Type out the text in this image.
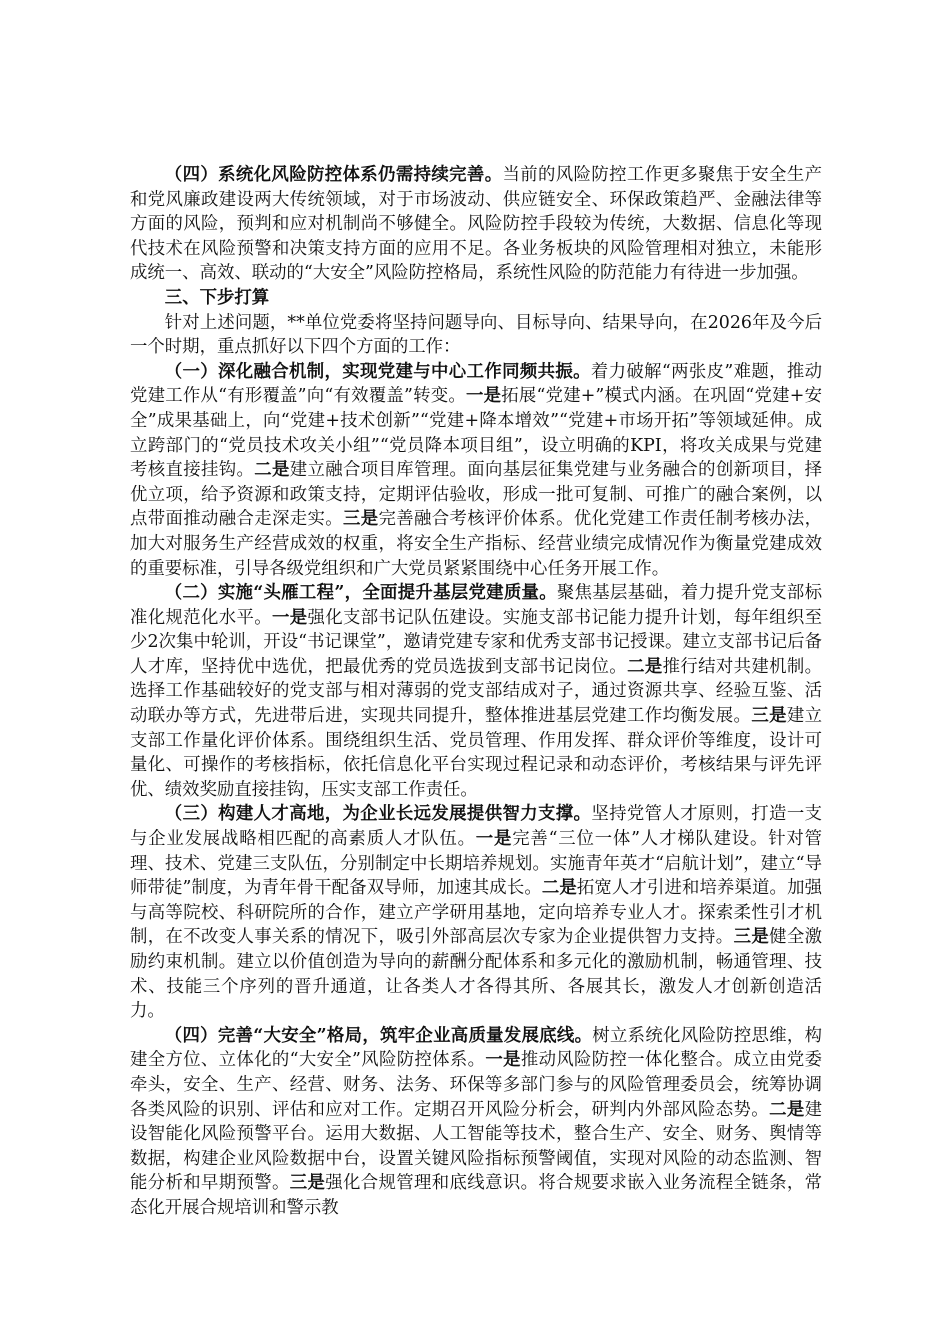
（四）系统化风险防控体系仍需持续完善。当前的风险防控工作更多聚焦于安全生产和党风廉政建设两大传统领域，对于市场波动、供应链安全、环保政策趋严、金融法律等方面的风险，预判和应对机制尚不够健全。风险防控手段较为传统，大数据、信息化等现代技术在风险预警和决策支持方面的应用不足。各业务板块的风险管理相对独立，未能形成统一、高效、联动的“大安全”风险防控格局，系统性风险的防范能力有待进一步加强。

三、下步打算

针对上述问题，**单位党委将坚持问题导向、目标导向、结果导向，在2026年及今后一个时期，重点抓好以下四个方面的工作：

（一）深化融合机制，实现党建与中心工作同频共振。着力破解“两张皮”难题，推动党建工作从“有形覆盖”向“有效覆盖”转变。一是拓展“党建+”模式内涵。在巩固“党建+安全”成果基础上，向“党建+技术创新”“党建+降本增效”“党建+市场开拓”等领域延伸。成立跨部门的“党员技术攻关小组”“党员降本项目组”，设立明确的KPI，将攻关成果与党建考核直接挂钩。二是建立融合项目库管理。面向基层征集党建与业务融合的创新项目，择优立项，给予资源和政策支持，定期评估验收，形成一批可复制、可推广的融合案例，以点带面推动融合走深走实。三是完善融合考核评价体系。优化党建工作责任制考核办法，加大对服务生产经营成效的权重，将安全生产指标、经营业绩完成情况作为衡量党建成效的重要标准，引导各级党组织和广大党员紧紧围绕中心任务开展工作。

（二）实施“头雁工程”，全面提升基层党建质量。聚焦基层基础，着力提升党支部标准化规范化水平。一是强化支部书记队伍建设。实施支部书记能力提升计划，每年组织至少2次集中轮训，开设“书记课堂”，邀请党建专家和优秀支部书记授课。建立支部书记后备人才库，坚持优中选优，把最优秀的党员选拔到支部书记岗位。二是推行结对共建机制。选择工作基础较好的党支部与相对薄弱的党支部结成对子，通过资源共享、经验互鉴、活动联办等方式，先进带后进，实现共同提升，整体推进基层党建工作均衡发展。三是建立支部工作量化评价体系。围绕组织生活、党员管理、作用发挥、群众评价等维度，设计可量化、可操作的考核指标，依托信息化平台实现过程记录和动态评价，考核结果与评先评优、绩效奖励直接挂钩，压实支部工作责任。

（三）构建人才高地，为企业长远发展提供智力支撑。坚持党管人才原则，打造一支与企业发展战略相匹配的高素质人才队伍。一是完善“三位一体”人才梯队建设。针对管理、技术、党建三支队伍，分别制定中长期培养规划。实施青年英才“启航计划”，建立“导师带徒”制度，为青年骨干配备双导师，加速其成长。二是拓宽人才引进和培养渠道。加强与高等院校、科研院所的合作，建立产学研用基地，定向培养专业人才。探索柔性引才机制，在不改变人事关系的情况下，吸引外部高层次专家为企业提供智力支持。三是健全激励约束机制。建立以价值创造为导向的薪酬分配体系和多元化的激励机制，畅通管理、技术、技能三个序列的晋升通道，让各类人才各得其所、各展其长，激发人才创新创造活力。

（四）完善“大安全”格局，筑牢企业高质量发展底线。树立系统化风险防控思维，构建全方位、立体化的“大安全”风险防控体系。一是推动风险防控一体化整合。成立由党委牵头，安全、生产、经营、财务、法务、环保等多部门参与的风险管理委员会，统筹协调各类风险的识别、评估和应对工作。定期召开风险分析会，研判内外部风险态势。二是建设智能化风险预警平台。运用大数据、人工智能等技术，整合生产、安全、财务、舆情等数据，构建企业风险数据中台，设置关键风险指标预警阈值，实现对风险的动态监测、智能分析和早期预警。三是强化合规管理和底线意识。将合规要求嵌入业务流程全链条，常态化开展合规培训和警示教
